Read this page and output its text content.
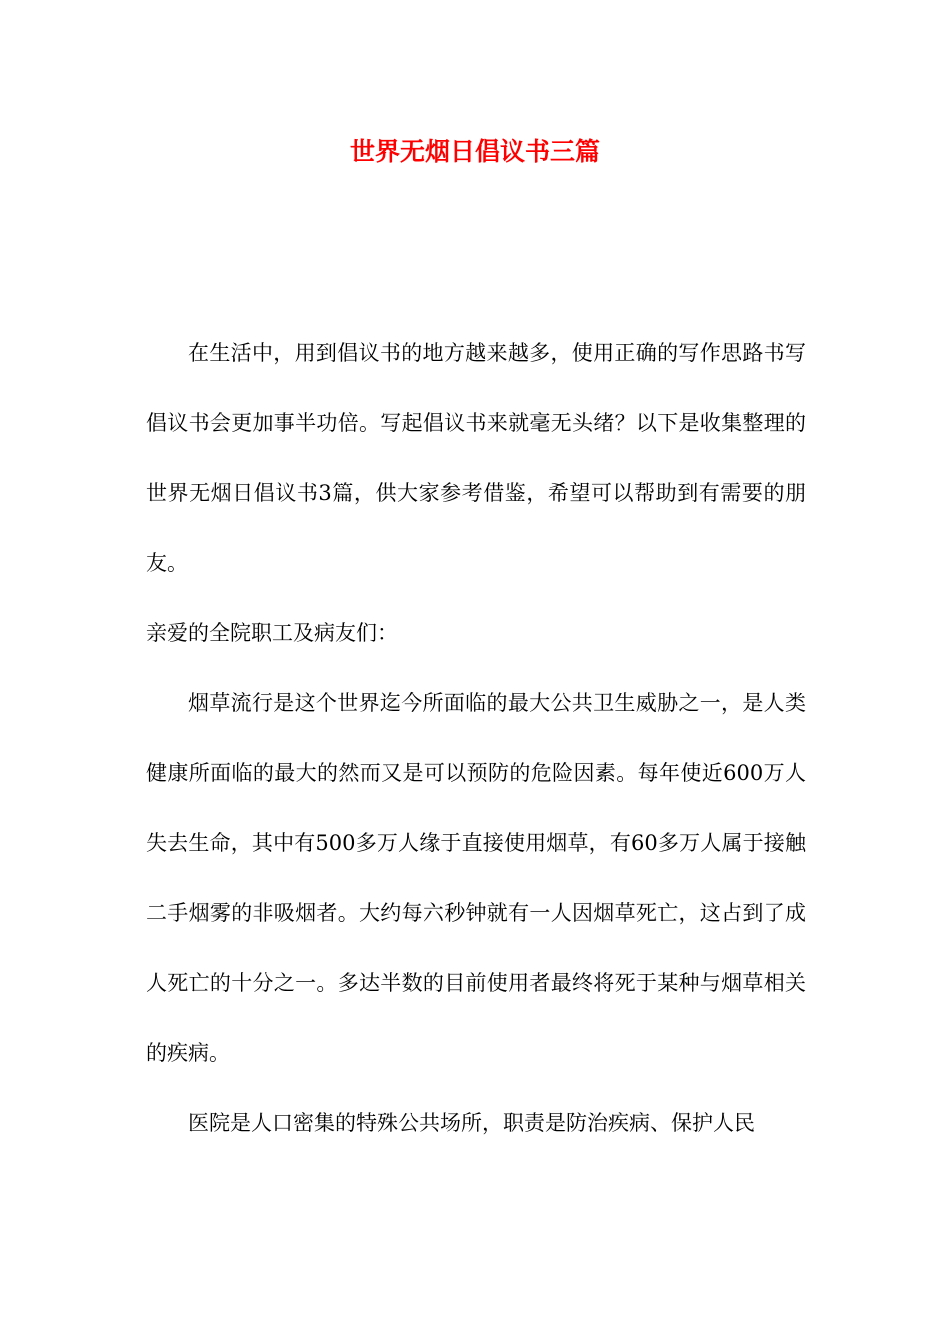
世界无烟日倡议书三篇

在生活中，用到倡议书的地方越来越多，使用正确的写作思路书写倡议书会更加事半功倍。写起倡议书来就毫无头绪？以下是收集整理的世界无烟日倡议书3篇，供大家参考借鉴，希望可以帮助到有需要的朋友。

亲爱的全院职工及病友们：

烟草流行是这个世界迄今所面临的最大公共卫生威胁之一，是人类健康所面临的最大的然而又是可以预防的危险因素。每年使近600万人失去生命，其中有500多万人缘于直接使用烟草，有60多万人属于接触二手烟雾的非吸烟者。大约每六秒钟就有一人因烟草死亡，这占到了成人死亡的十分之一。多达半数的目前使用者最终将死于某种与烟草相关的疾病。

医院是人口密集的特殊公共场所，职责是防治疾病、保护人民
